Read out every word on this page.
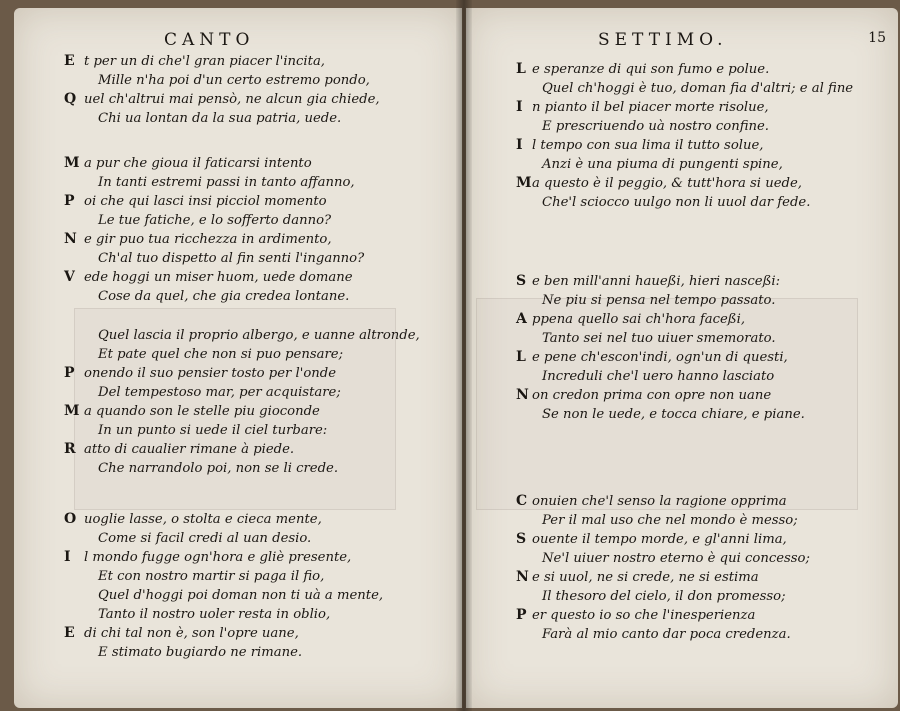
CANTO
E t per un di che'l gran piacer l'incita,
Mille n'ha poi d'un certo estremo pondo,
Q uel ch'altrui mai pensò, ne alcun gia chiede,
Chi ua lontan da la sua patria, uede.
M a pur che gioua il faticarsi intento
In tanti estremi passi in tanto affanno,
P oi che qui lasci insi picciol momento
Le tue fatiche, e lo sofferto danno?
N e gir puo tua ricchezza in ardimento,
Ch'al tuo dispetto al fin senti l'inganno?
V ede hoggi un miser huom, uede domane
Cose da quel, che gia credea lontane.
Quel lascia il proprio albergo, e uanne altronde,
Et pate quel che non si puo pensare;
P onendo il suo pensier tosto per l'onde
Del tempestoso mar, per acquistare;
M a quando son le stelle piu gioconde
In un punto si uede il ciel turbare:
R atto di caualier rimane à piede.
Che narrandolo poi, non se li crede.
O uoglie lasse, o stolta e cieca mente,
Come si facil credi al uan desio.
I l mondo fugge ogn'hora e gliè presente,
Et con nostro martir si paga il fio,
Quel d'hoggi poi doman non ti uà a mente,
Tanto il nostro uoler resta in oblio,
E di chi tal non è, son l'opre uane,
E stimato bugiardo ne rimane.
SETTIMO.	15
L e speranze di qui son fumo e polue.
Quel ch'hoggi è tuo, doman fia d'altri; e al fine
I n pianto il bel piacer morte risolue,
E prescriuendo uà nostro confine.
I l tempo con sua lima il tutto solue,
Anzi è una piuma di pungenti spine,
M a questo è il peggio, & tutt'hora si uede,
Che'l sciocco uulgo non li uuol dar fede.
S e ben mill'anni haueßi, hieri nasceßi:
Ne piu si pensa nel tempo passato.
A ppena quello sai ch'hora faceßi,
Tanto sei nel tuo uiuer smemorato.
L e pene ch'escon'indi, ogn'un di questi,
Increduli che'l uero hanno lasciato
N on credon prima con opre non uane
Se non le uede, e tocca chiare, e piane.
C onuien che'l senso la ragione opprima
Per il mal uso che nel mondo è messo;
S ouente il tempo morde, e gl'anni lima,
Ne'l uiuer nostro eterno è qui concesso;
N e si uuol, ne si crede, ne si estima
Il thesoro del cielo, il don promesso;
P er questo io so che l'inesperienza
Farà al mio canto dar poca credenza.
